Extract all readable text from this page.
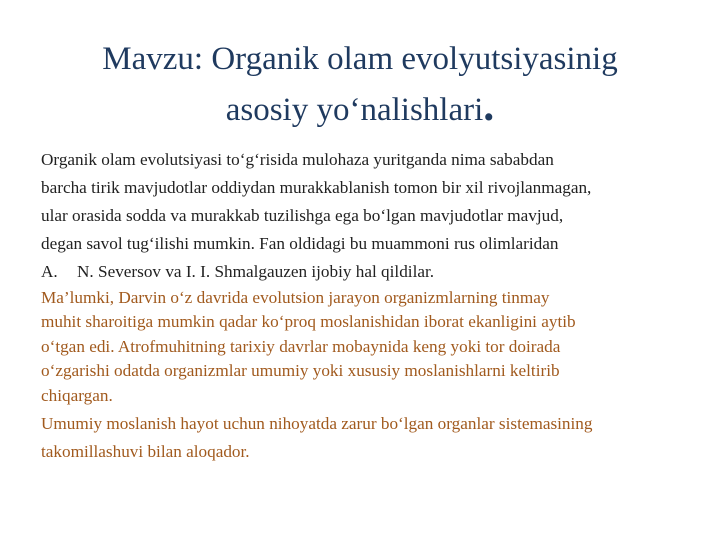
Mavzu: Organik olam evolyutsiyasinig
asosiy yo‘nalishlari.
Organik olam evolutsiyasi to‘g‘risida mulohaza yuritganda nima sababdan
barcha tirik mavjudotlar oddiydan murakkablanish tomon bir xil rivojlanmagan,
ular orasida sodda va murakkab tuzilishga ega bo‘lgan mavjudotlar mavjud,
degan savol tug‘ilishi mumkin. Fan oldidagi bu muammoni rus olimlaridan
A. N. Seversov va I. I. Shmalgauzen ijobiy hal qildilar.
Ma’lumki, Darvin o‘z davrida evolutsion jarayon organizmlarning tinmay
muhit sharoitiga mumkin qadar ko‘proq moslanishidan iborat ekanligini aytib
o‘tgan edi. Atrofmuhitning tarixiy davrlar mobaynida keng yoki tor doirada
o‘zgarishi odatda organizmlar umumiy yoki xususiy moslanishlarni keltirib
chiqargan.
Umumiy moslanish hayot uchun nihoyatda zarur bo‘lgan organlar sistemasining
takomillashuvi bilan aloqador.
